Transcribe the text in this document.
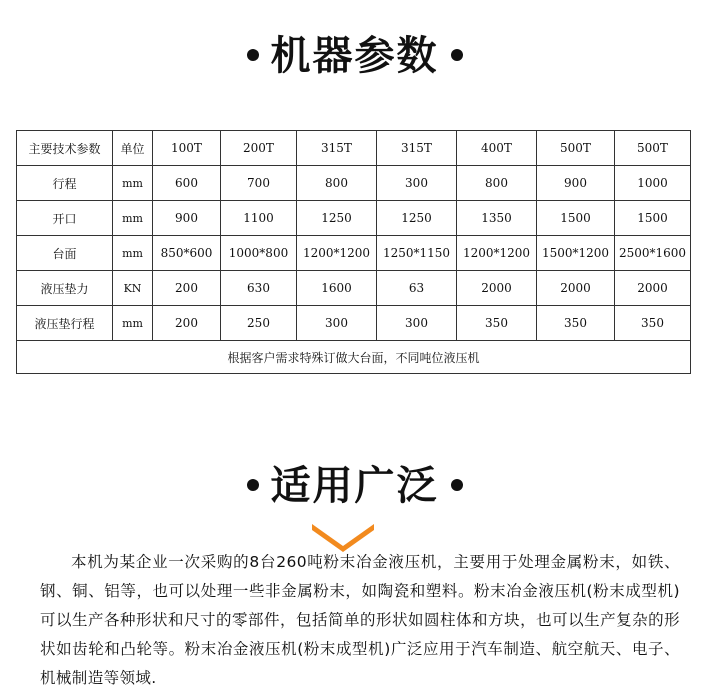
机器参数
主要技术参数	单位	100T	200T	315T	315T	400T	500T	500T
行程	mm	600	700	800	300	800	900	1000
开口	mm	900	1100	1250	1250	1350	1500	1500
台面	mm	850*600	1000*800	1200*1200	1250*1150	1200*1200	1500*1200	2500*1600
液压垫力	KN	200	630	1600	63	2000	2000	2000
液压垫行程	mm	200	250	300	300	350	350	350
根据客户需求特殊订做大台面，不同吨位液压机								
适用广泛

本机为某企业一次采购的8台260吨粉末冶金液压机，主要用于处理金属粉末，如铁、钢、铜、铝等，也可以处理一些非金属粉末，如陶瓷和塑料。粉末冶金液压机(粉末成型机)可以生产各种形状和尺寸的零部件，包括简单的形状如圆柱体和方块，也可以生产复杂的形状如齿轮和凸轮等。粉末冶金液压机(粉末成型机)广泛应用于汽车制造、航空航天、电子、机械制造等领域.
